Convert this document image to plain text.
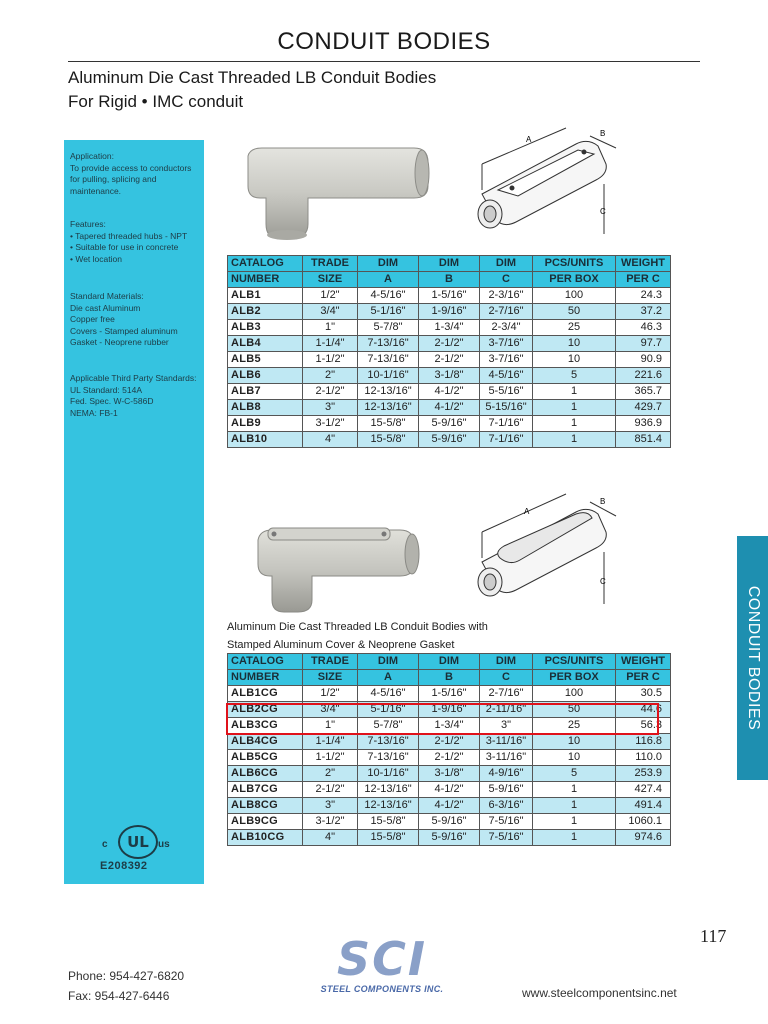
CONDUIT BODIES
Aluminum Die Cast Threaded LB Conduit Bodies
For Rigid • IMC conduit

Application:

To provide access to conductors for pulling, splicing and maintenance.

Features:

• Tapered threaded hubs - NPT

• Suitable for use in concrete

• Wet location

Standard Materials:

Die cast Aluminum

Copper free

Covers - Stamped aluminum

Gasket - Neoprene rubber

Applicable Third Party Standards:

UL Standard: 514A

Fed. Spec. W-C-586D

NEMA: FB-1

UL
c	us
E208392
A
B
C
CATALOG	TRADE	DIM	DIM	DIM	PCS/UNITS	WEIGHT
NUMBER	SIZE	A	B	C	PER BOX	PER C
ALB1	1/2"	4-5/16"	1-5/16"	2-3/16"	100	24.3
ALB2	3/4"	5-1/16"	1-9/16"	2-7/16"	50	37.2
ALB3	1"	5-7/8"	1-3/4"	2-3/4"	25	46.3
ALB4	1-1/4"	7-13/16"	2-1/2"	3-7/16"	10	97.7
ALB5	1-1/2"	7-13/16"	2-1/2"	3-7/16"	10	90.9
ALB6	2"	10-1/16"	3-1/8"	4-5/16"	5	221.6
ALB7	2-1/2"	12-13/16"	4-1/2"	5-5/16"	1	365.7
ALB8	3"	12-13/16"	4-1/2"	5-15/16"	1	429.7
ALB9	3-1/2"	15-5/8"	5-9/16"	7-1/16"	1	936.9
ALB10	4"	15-5/8"	5-9/16"	7-1/16"	1	851.4
A
B
C
Aluminum Die Cast Threaded LB Conduit Bodies with
Stamped Aluminum Cover & Neoprene Gasket
CATALOG	TRADE	DIM	DIM	DIM	PCS/UNITS	WEIGHT
NUMBER	SIZE	A	B	C	PER BOX	PER C
ALB1CG	1/2"	4-5/16"	1-5/16"	2-7/16"	100	30.5
ALB2CG	3/4"	5-1/16"	1-9/16"	2-11/16"	50	44.6
ALB3CG	1"	5-7/8"	1-3/4"	3"	25	56.3
ALB4CG	1-1/4"	7-13/16"	2-1/2"	3-11/16"	10	116.8
ALB5CG	1-1/2"	7-13/16"	2-1/2"	3-11/16"	10	110.0
ALB6CG	2"	10-1/16"	3-1/8"	4-9/16"	5	253.9
ALB7CG	2-1/2"	12-13/16"	4-1/2"	5-9/16"	1	427.4
ALB8CG	3"	12-13/16"	4-1/2"	6-3/16"	1	491.4
ALB9CG	3-1/2"	15-5/8"	5-9/16"	7-5/16"	1	1060.1
ALB10CG	4"	15-5/8"	5-9/16"	7-5/16"	1	974.6
CONDUIT BODIES
117
Phone: 954-427-6820
Fax: 954-427-6446
SCI
STEEL COMPONENTS INC.	www.steelcomponentsinc.net
